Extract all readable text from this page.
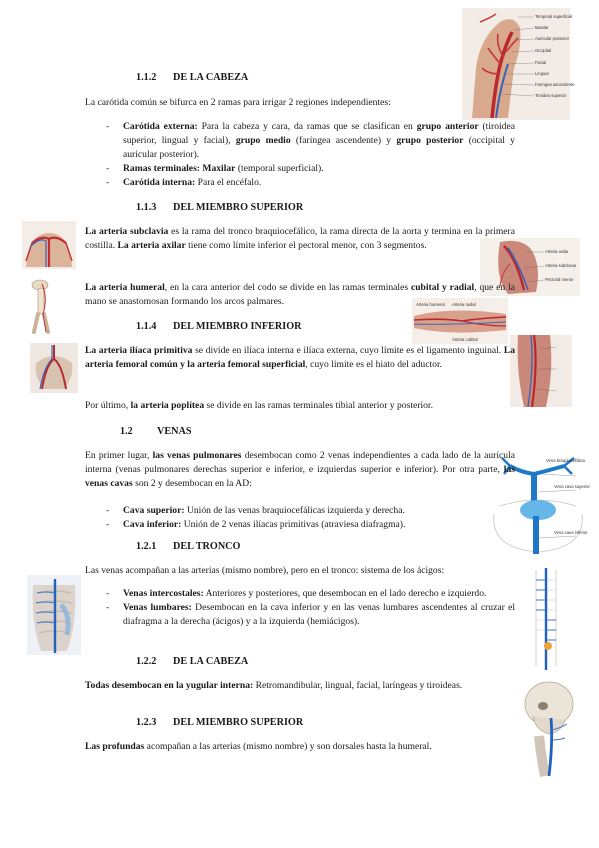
Temporal superficial
Maxilar
Auricular posterior
Occipital
Facial
Lingual
Faríngea ascendente
Tiroidea superior
Arteria axilar
Arteria subclavia
Pectoral menor
Arteria humeral Arteria radial
Arteria cubital
Vena braquiocefálica
Vena cava superior
Vena cava inferior
1.1.2 DE LA CABEZA
La carótida común se bifurca en 2 ramas para irrigar 2 regiones independientes:
- Carótida externa: Para la cabeza y cara, da ramas que se clasifican en grupo anterior (tiroidea superior, lingual y facial), grupo medio (faríngea ascendente) y grupo posterior (occipital y auricular posterior).
- Ramas terminales: Maxilar (temporal superficial).
- Carótida interna: Para el encéfalo.
1.1.3 DEL MIEMBRO SUPERIOR
La arteria subclavia es la rama del tronco braquiocefálico, la rama directa de la aorta y termina en la primera costilla. La arteria axilar tiene como límite inferior el pectoral menor, con 3 segmentos.
La arteria humeral, en la cara anterior del codo se divide en las ramas terminales cubital y radial, que en la mano se anastomosan formando los arcos palmares.
1.1.4 DEL MIEMBRO INFERIOR
La arteria ilíaca primitiva se divide en ilíaca interna e ilíaca externa, cuyo límite es el ligamento inguinal. La arteria femoral común y la arteria femoral superficial, cuyo límite es el hiato del aductor.
Por último, la arteria poplítea se divide en las ramas terminales tibial anterior y posterior.
1.2 VENAS
En primer lugar, las venas pulmonares desembocan como 2 venas independientes a cada lado de la aurícula interna (venas pulmonares derechas superior e inferior, e izquierdas superior e inferior). Por otra parte, las venas cavas son 2 y desembocan en la AD:
- Cava superior: Unión de las venas braquiocefálicas izquierda y derecha.
- Cava inferior: Unión de 2 venas ilíacas primitivas (atraviesa diafragma).
1.2.1 DEL TRONCO
Las venas acompañan a las arterias (mismo nombre), pero en el tronco: sistema de los ácigos:
- Venas intercostales: Anteriores y posteriores, que desembocan en el lado derecho e izquierdo.
- Venas lumbares: Desembocan en la cava inferior y en las venas lumbares ascendentes al cruzar el diafragma a la derecha (ácigos) y a la izquierda (hemiácigos).
1.2.2 DE LA CABEZA
Todas desembocan en la yugular interna: Retromandibular, lingual, facial, laríngeas y tiroideas.
1.2.3 DEL MIEMBRO SUPERIOR
Las profundas acompañan a las arterias (mismo nombre) y son dorsales hasta la humeral.
